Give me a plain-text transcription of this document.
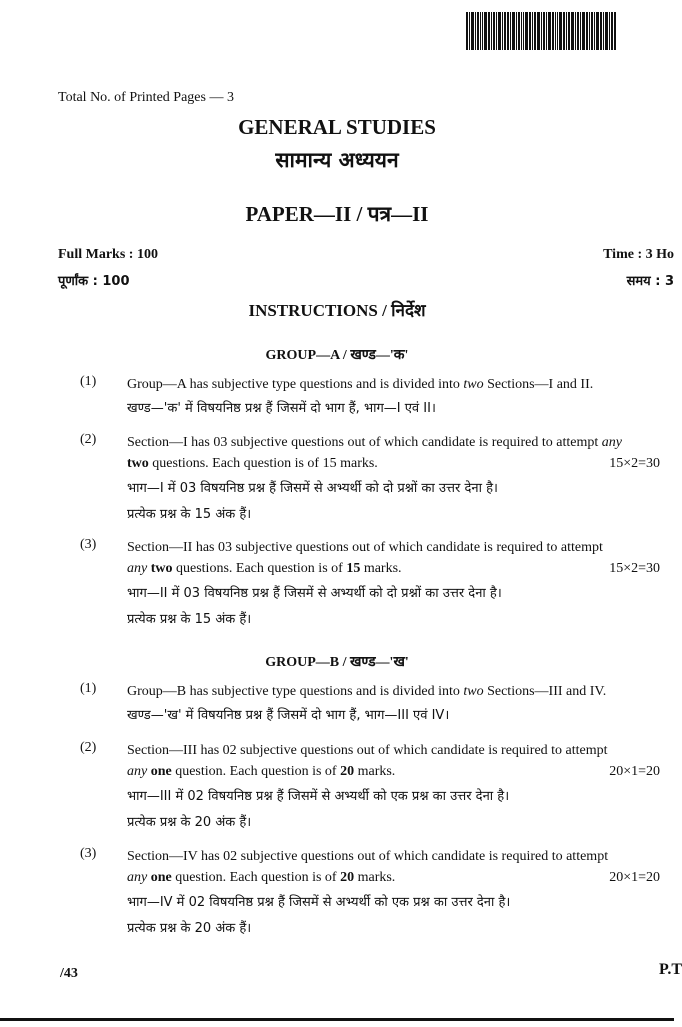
Total No. of Printed Pages — 3
GENERAL STUDIES
सामान्य अध्ययन
PAPER—II / पत्र—II
Full Marks : 100
पूर्णांक : 100
Time : 3 Ho
समय : 3
INSTRUCTIONS / निर्देश
GROUP—A / खण्ड—'क'
(1) Group—A has subjective type questions and is divided into two Sections—I and II.
खण्ड—'क' में विषयनिष्ठ प्रश्न हैं जिसमें दो भाग हैं, भाग—I एवं II।
(2) Section—I has 03 subjective questions out of which candidate is required to attempt any
two questions. Each question is of 15 marks.	15×2=30
भाग—I में 03 विषयनिष्ठ प्रश्न हैं जिसमें से अभ्यर्थी को दो प्रश्नों का उत्तर देना है।
प्रत्येक प्रश्न के 15 अंक हैं।
(3) Section—II has 03 subjective questions out of which candidate is required to attempt
any two questions. Each question is of 15 marks.	15×2=30
भाग—II में 03 विषयनिष्ठ प्रश्न हैं जिसमें से अभ्यर्थी को दो प्रश्नों का उत्तर देना है।
प्रत्येक प्रश्न के 15 अंक हैं।
GROUP—B / खण्ड—'ख'
(1) Group—B has subjective type questions and is divided into two Sections—III and IV.
खण्ड—'ख' में विषयनिष्ठ प्रश्न हैं जिसमें दो भाग हैं, भाग—III एवं IV।
(2) Section—III has 02 subjective questions out of which candidate is required to attempt
any one question. Each question is of 20 marks.	20×1=20
भाग—III में 02 विषयनिष्ठ प्रश्न हैं जिसमें से अभ्यर्थी को एक प्रश्न का उत्तर देना है।
प्रत्येक प्रश्न के 20 अंक हैं।
(3) Section—IV has 02 subjective questions out of which candidate is required to attempt
any one question. Each question is of 20 marks.	20×1=20
भाग—IV में 02 विषयनिष्ठ प्रश्न हैं जिसमें से अभ्यर्थी को एक प्रश्न का उत्तर देना है।
प्रत्येक प्रश्न के 20 अंक हैं।
/43	P.T
